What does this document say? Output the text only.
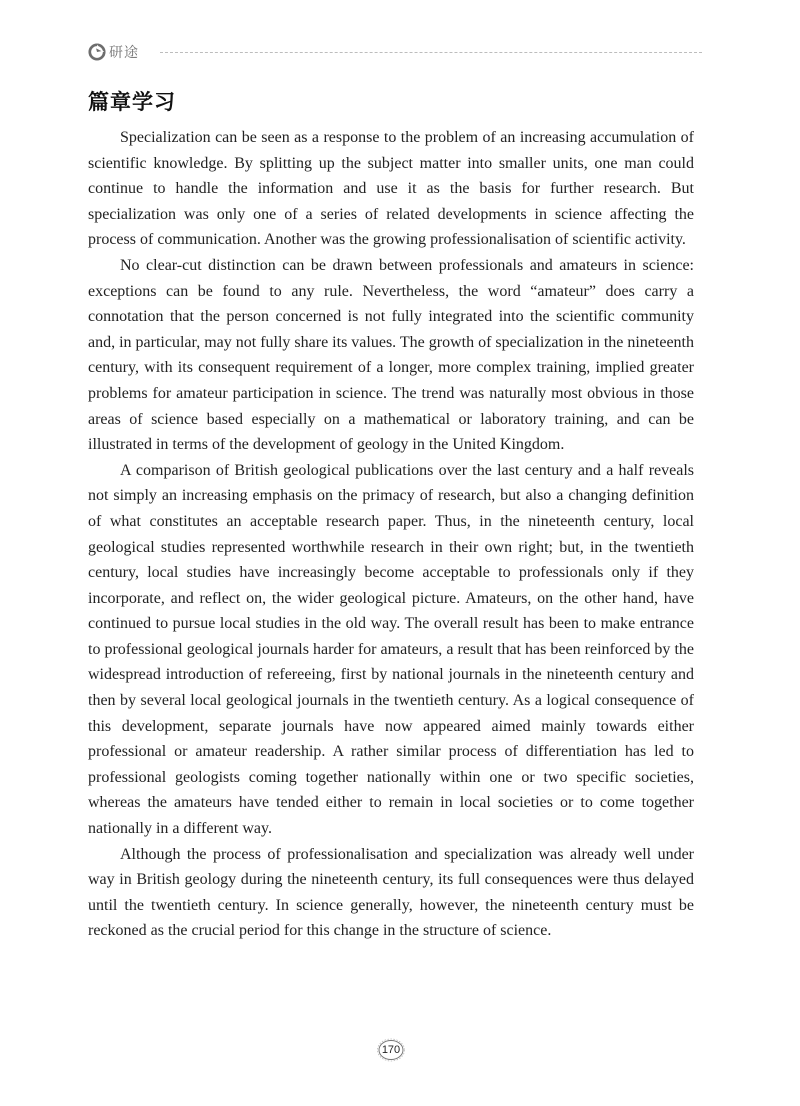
研途
篇章学习

Specialization can be seen as a response to the problem of an increasing accumulation of scientific knowledge. By splitting up the subject matter into smaller units, one man could continue to handle the information and use it as the basis for further research. But specialization was only one of a series of related developments in science affecting the process of communication. Another was the growing professionalisation of scientific activity.

No clear-cut distinction can be drawn between professionals and amateurs in science: exceptions can be found to any rule. Nevertheless, the word “amateur” does carry a connotation that the person concerned is not fully integrated into the scientific community and, in particular, may not fully share its values. The growth of specialization in the nineteenth century, with its consequent requirement of a longer, more complex training, implied greater problems for amateur participation in science. The trend was naturally most obvious in those areas of science based especially on a mathematical or laboratory training, and can be illustrated in terms of the development of geology in the United Kingdom.

A comparison of British geological publications over the last century and a half reveals not simply an increasing emphasis on the primacy of research, but also a changing definition of what constitutes an acceptable research paper. Thus, in the nineteenth century, local geological studies represented worthwhile research in their own right; but, in the twentieth century, local studies have increasingly become acceptable to professionals only if they incorporate, and reflect on, the wider geological picture. Amateurs, on the other hand, have continued to pursue local studies in the old way. The overall result has been to make entrance to professional geological journals harder for amateurs, a result that has been reinforced by the widespread introduction of refereeing, first by national journals in the nineteenth century and then by several local geological journals in the twentieth century. As a logical consequence of this development, separate journals have now appeared aimed mainly towards either professional or amateur readership. A rather similar process of differentiation has led to professional geologists coming together nationally within one or two specific societies, whereas the amateurs have tended either to remain in local societies or to come together nationally in a different way.

Although the process of professionalisation and specialization was already well under way in British geology during the nineteenth century, its full consequences were thus delayed until the twentieth century. In science generally, however, the nineteenth century must be reckoned as the crucial period for this change in the structure of science.

170
